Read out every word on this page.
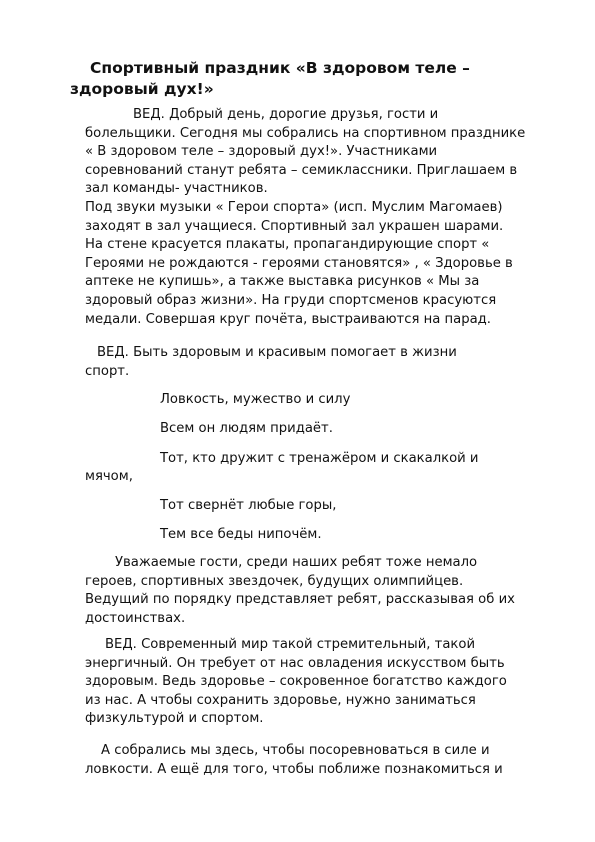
Спортивный праздник «В здоровом теле –
здоровый дух!»
ВЕД. Добрый день, дорогие друзья, гости и
болельщики. Сегодня мы собрались на спортивном празднике
« В здоровом теле – здоровый дух!». Участниками
соревнований станут ребята – семиклассники. Приглашаем в
зал команды- участников.
Под звуки музыки « Герои спорта» (исп. Муслим Магомаев)
заходят в зал учащиеся. Спортивный зал украшен шарами.
На стене красуется плакаты, пропагандирующие спорт «
Героями не рождаются - героями становятся» , « Здоровье в
аптеке не купишь», а также выставка рисунков « Мы за
здоровый образ жизни». На груди спортсменов красуются
медали. Совершая круг почёта, выстраиваются на парад.
ВЕД. Быть здоровым и красивым помогает в жизни
спорт.
Ловкость, мужество и силу
Всем он людям придаёт.
Тот, кто дружит с тренажёром и скакалкой и
мячом,
Тот свернёт любые горы,
Тем все беды нипочём.
Уважаемые гости, среди наших ребят тоже немало
героев, спортивных звездочек, будущих олимпийцев.
Ведущий по порядку представляет ребят, рассказывая об их
достоинствах.
ВЕД. Современный мир такой стремительный, такой
энергичный. Он требует от нас овладения искусством быть
здоровым. Ведь здоровье – сокровенное богатство каждого
из нас. А чтобы сохранить здоровье, нужно заниматься
физкультурой и спортом.
А собрались мы здесь, чтобы посоревноваться в силе и
ловкости. А ещё для того, чтобы поближе познакомиться и
